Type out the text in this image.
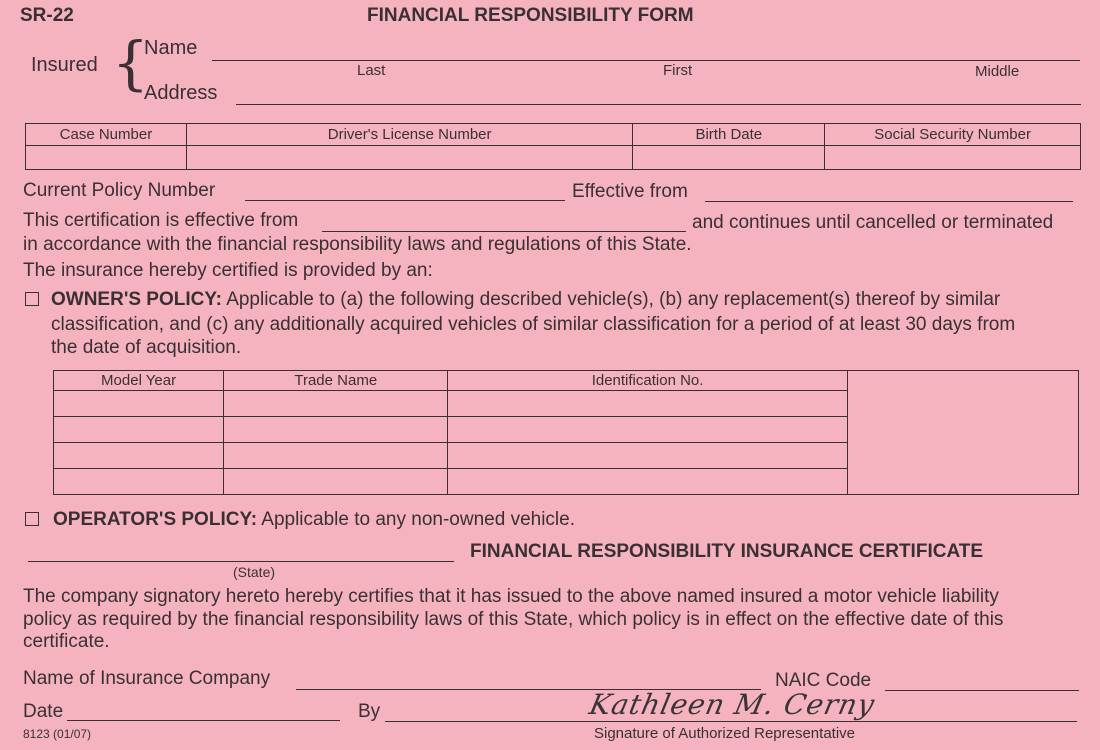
SR-22	FINANCIAL RESPONSIBILITY FORM
Insured {
Name
Last	First	Middle
Address
Case Number	Driver's License Number	Birth Date	Social Security Number

Current Policy Number	Effective from
This certification is effective from	and continues until cancelled or terminated
in accordance with the financial responsibility laws and regulations of this State.
The insurance hereby certified is provided by an:
OWNER'S POLICY: Applicable to (a) the following described vehicle(s), (b) any replacement(s) thereof by similar
classification, and (c) any additionally acquired vehicles of similar classification for a period of at least 30 days from
the date of acquisition.
Model Year	Trade Name	Identification No.	

OPERATOR'S POLICY: Applicable to any non-owned vehicle.
(State)
FINANCIAL RESPONSIBILITY INSURANCE CERTIFICATE
The company signatory hereto hereby certifies that it has issued to the above named insured a motor vehicle liability
policy as required by the financial responsibility laws of this State, which policy is in effect on the effective date of this
certificate.
Name of Insurance Company	NAIC Code
Date	By	Kathleen M. Cerny
Signature of Authorized Representative
8123 (01/07)
